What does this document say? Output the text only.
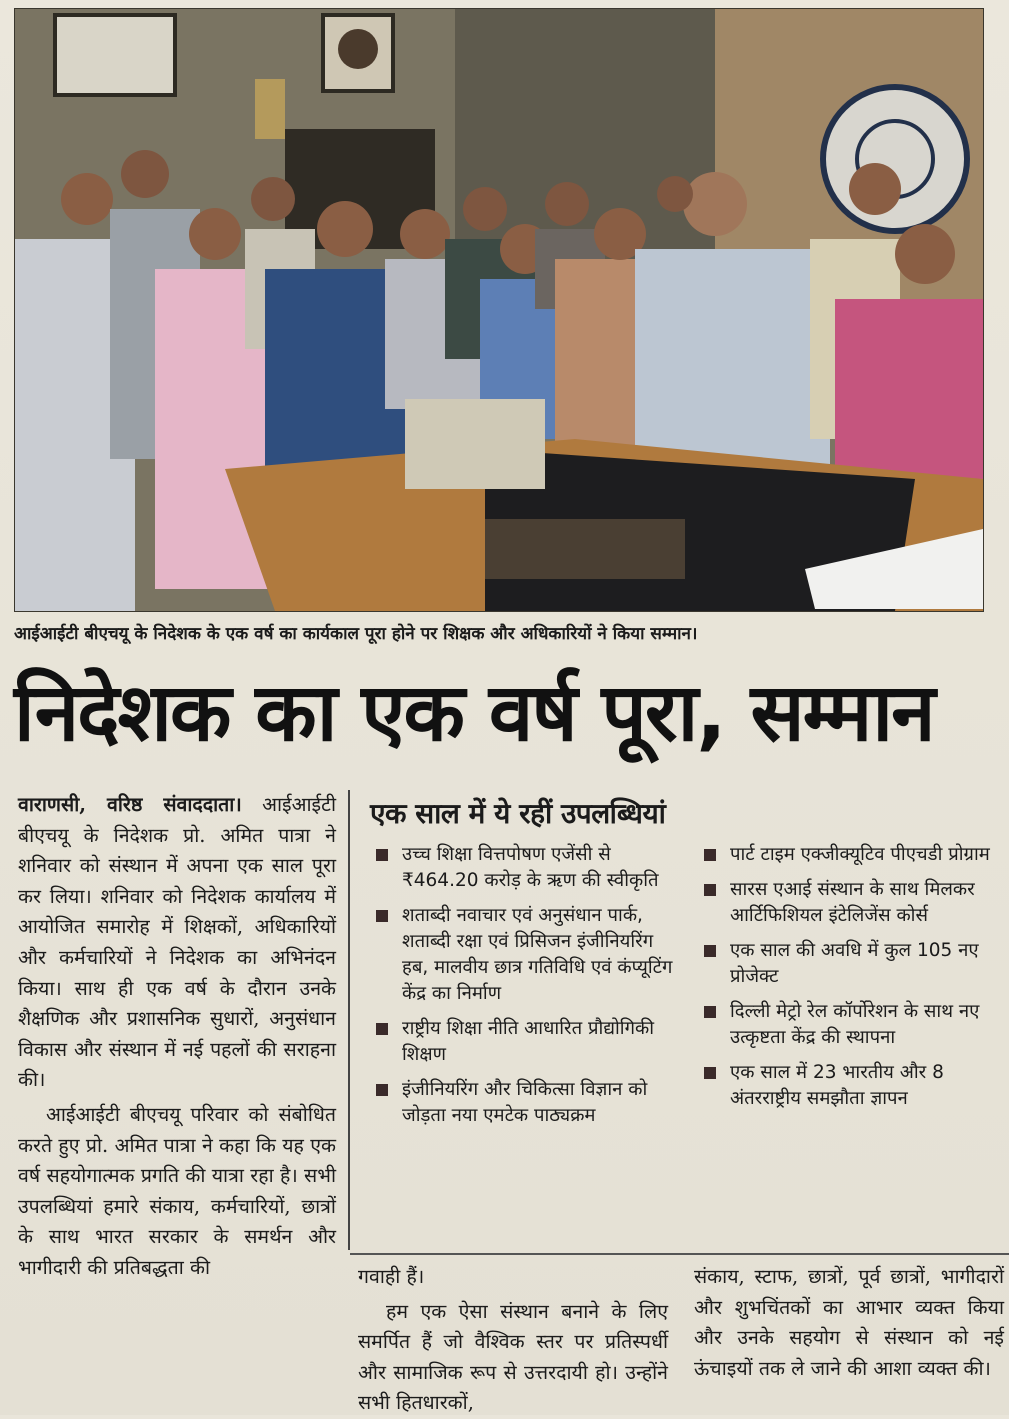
आईआईटी बीएचयू के निदेशक के एक वर्ष का कार्यकाल पूरा होने पर शिक्षक और अधिकारियों ने किया सम्मान।
निदेशक का एक वर्ष पूरा, सम्मान

वाराणसी, वरिष्ठ संवाददाता। आईआईटी बीएचयू के निदेशक प्रो. अमित पात्रा ने शनिवार को संस्थान में अपना एक साल पूरा कर लिया। शनिवार को निदेशक कार्यालय में आयोजित समारोह में शिक्षकों, अधिकारियों और कर्मचारियों ने निदेशक का अभिनंदन किया। साथ ही एक वर्ष के दौरान उनके शैक्षणिक और प्रशासनिक सुधारों, अनुसंधान विकास और संस्थान में नई पहलों की सराहना की।

आईआईटी बीएचयू परिवार को संबोधित करते हुए प्रो. अमित पात्रा ने कहा कि यह एक वर्ष सहयोगात्मक प्रगति की यात्रा रहा है। सभी उपलब्धियां हमारे संकाय, कर्मचारियों, छात्रों के साथ भारत सरकार के समर्थन और भागीदारी की प्रतिबद्धता की

एक साल में ये रहीं उपलब्धियां
उच्च शिक्षा वित्तपोषण एजेंसी से ₹464.20 करोड़ के ऋण की स्वीकृति
शताब्दी नवाचार एवं अनुसंधान पार्क, शताब्दी रक्षा एवं प्रिसिजन इंजीनियरिंग हब, मालवीय छात्र गतिविधि एवं कंप्यूटिंग केंद्र का निर्माण
राष्ट्रीय शिक्षा नीति आधारित प्रौद्योगिकी शिक्षण
इंजीनियरिंग और चिकित्सा विज्ञान को जोड़ता नया एमटेक पाठ्यक्रम
पार्ट टाइम एक्जीक्यूटिव पीएचडी प्रोग्राम
सारस एआई संस्थान के साथ मिलकर आर्टिफिशियल इंटेलिजेंस कोर्स
एक साल की अवधि में कुल 105 नए प्रोजेक्ट
दिल्ली मेट्रो रेल कॉर्पोरेशन के साथ नए उत्कृष्टता केंद्र की स्थापना
एक साल में 23 भारतीय और 8 अंतरराष्ट्रीय समझौता ज्ञापन

गवाही हैं।

हम एक ऐसा संस्थान बनाने के लिए समर्पित हैं जो वैश्विक स्तर पर प्रतिस्पर्धी और सामाजिक रूप से उत्तरदायी हो। उन्होंने सभी हितधारकों,

संकाय, स्टाफ, छात्रों, पूर्व छात्रों, भागीदारों और शुभचिंतकों का आभार व्यक्त किया और उनके सहयोग से संस्थान को नई ऊंचाइयों तक ले जाने की आशा व्यक्त की।
